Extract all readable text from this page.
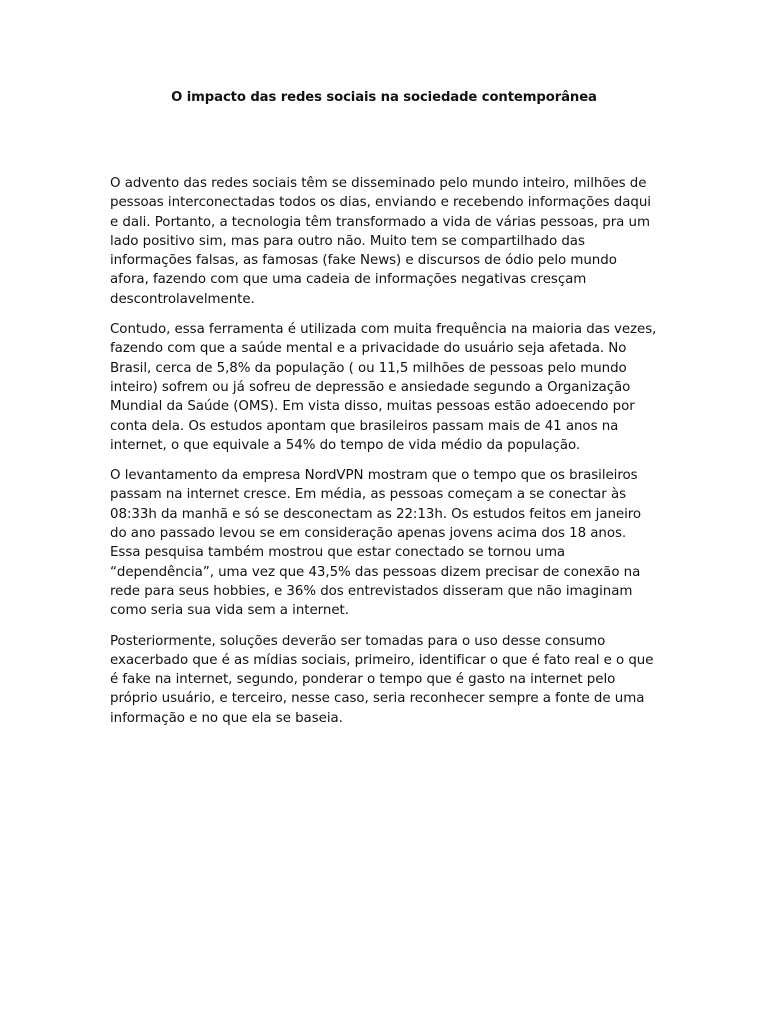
O impacto das redes sociais na sociedade contemporânea

O advento das redes sociais têm se disseminado pelo mundo inteiro, milhões de pessoas interconectadas todos os dias, enviando e recebendo informações daqui e dali. Portanto, a tecnologia têm transformado a vida de várias pessoas, pra um lado positivo sim, mas para outro não. Muito tem se compartilhado das informações falsas, as famosas (fake News) e discursos de ódio pelo mundo afora, fazendo com que uma cadeia de informações negativas cresçam descontrolavelmente.

Contudo, essa ferramenta é utilizada com muita frequência na maioria das vezes, fazendo com que a saúde mental e a privacidade do usuário seja afetada. No Brasil, cerca de 5,8% da população ( ou 11,5 milhões de pessoas pelo mundo inteiro) sofrem ou já sofreu de depressão e ansiedade segundo a Organização Mundial da Saúde (OMS). Em vista disso, muitas pessoas estão adoecendo por conta dela. Os estudos apontam que brasileiros passam mais de 41 anos na internet, o que equivale a 54% do tempo de vida médio da população.

O levantamento da empresa NordVPN mostram que o tempo que os brasileiros passam na internet cresce. Em média, as pessoas começam a se conectar às 08:33h da manhã e só se desconectam as 22:13h. Os estudos feitos em janeiro do ano passado levou se em consideração apenas jovens acima dos 18 anos. Essa pesquisa também mostrou que estar conectado se tornou uma “dependência”, uma vez que 43,5% das pessoas dizem precisar de conexão na rede para seus hobbies, e 36% dos entrevistados disseram que não imaginam como seria sua vida sem a internet.

Posteriormente, soluções deverão ser tomadas para o uso desse consumo exacerbado que é as mídias sociais, primeiro, identificar o que é fato real e o que é fake na internet, segundo, ponderar o tempo que é gasto na internet pelo próprio usuário, e terceiro, nesse caso, seria reconhecer sempre a fonte de uma informação e no que ela se baseia.
